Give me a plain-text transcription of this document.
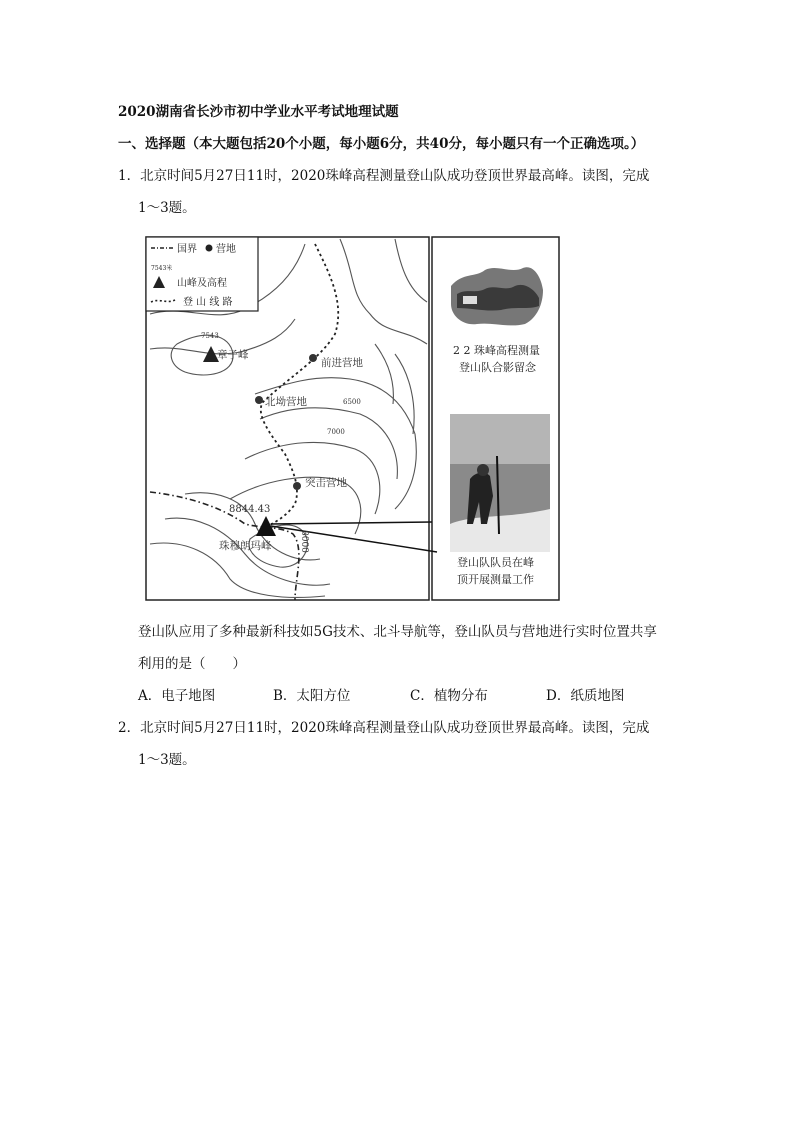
2020湖南省长沙市初中学业水平考试地理试题
一、选择题（本大题包括20个小题，每小题6分，共40分，每小题只有一个正确选项。）
1．北京时间5月27日11时，2020珠峰高程测量登山队成功登顶世界最高峰。读图，完成
1～3题。
7543
章子峰
前进营地
北坳营地	6500
7000
突击营地
8844.43
珠穆朗玛峰	8000
国界 营地
7543米
山峰及高程
登 山 线 路
2 2 珠峰高程测量
登山队合影留念
登山队队员在峰
顶开展测量工作
登山队应用了多种最新科技如5G技术、北斗导航等，登山队员与营地进行实时位置共享
利用的是（　　）
A．电子地图	B．太阳方位	C．植物分布	D．纸质地图
2．北京时间5月27日11时，2020珠峰高程测量登山队成功登顶世界最高峰。读图，完成
1～3题。
